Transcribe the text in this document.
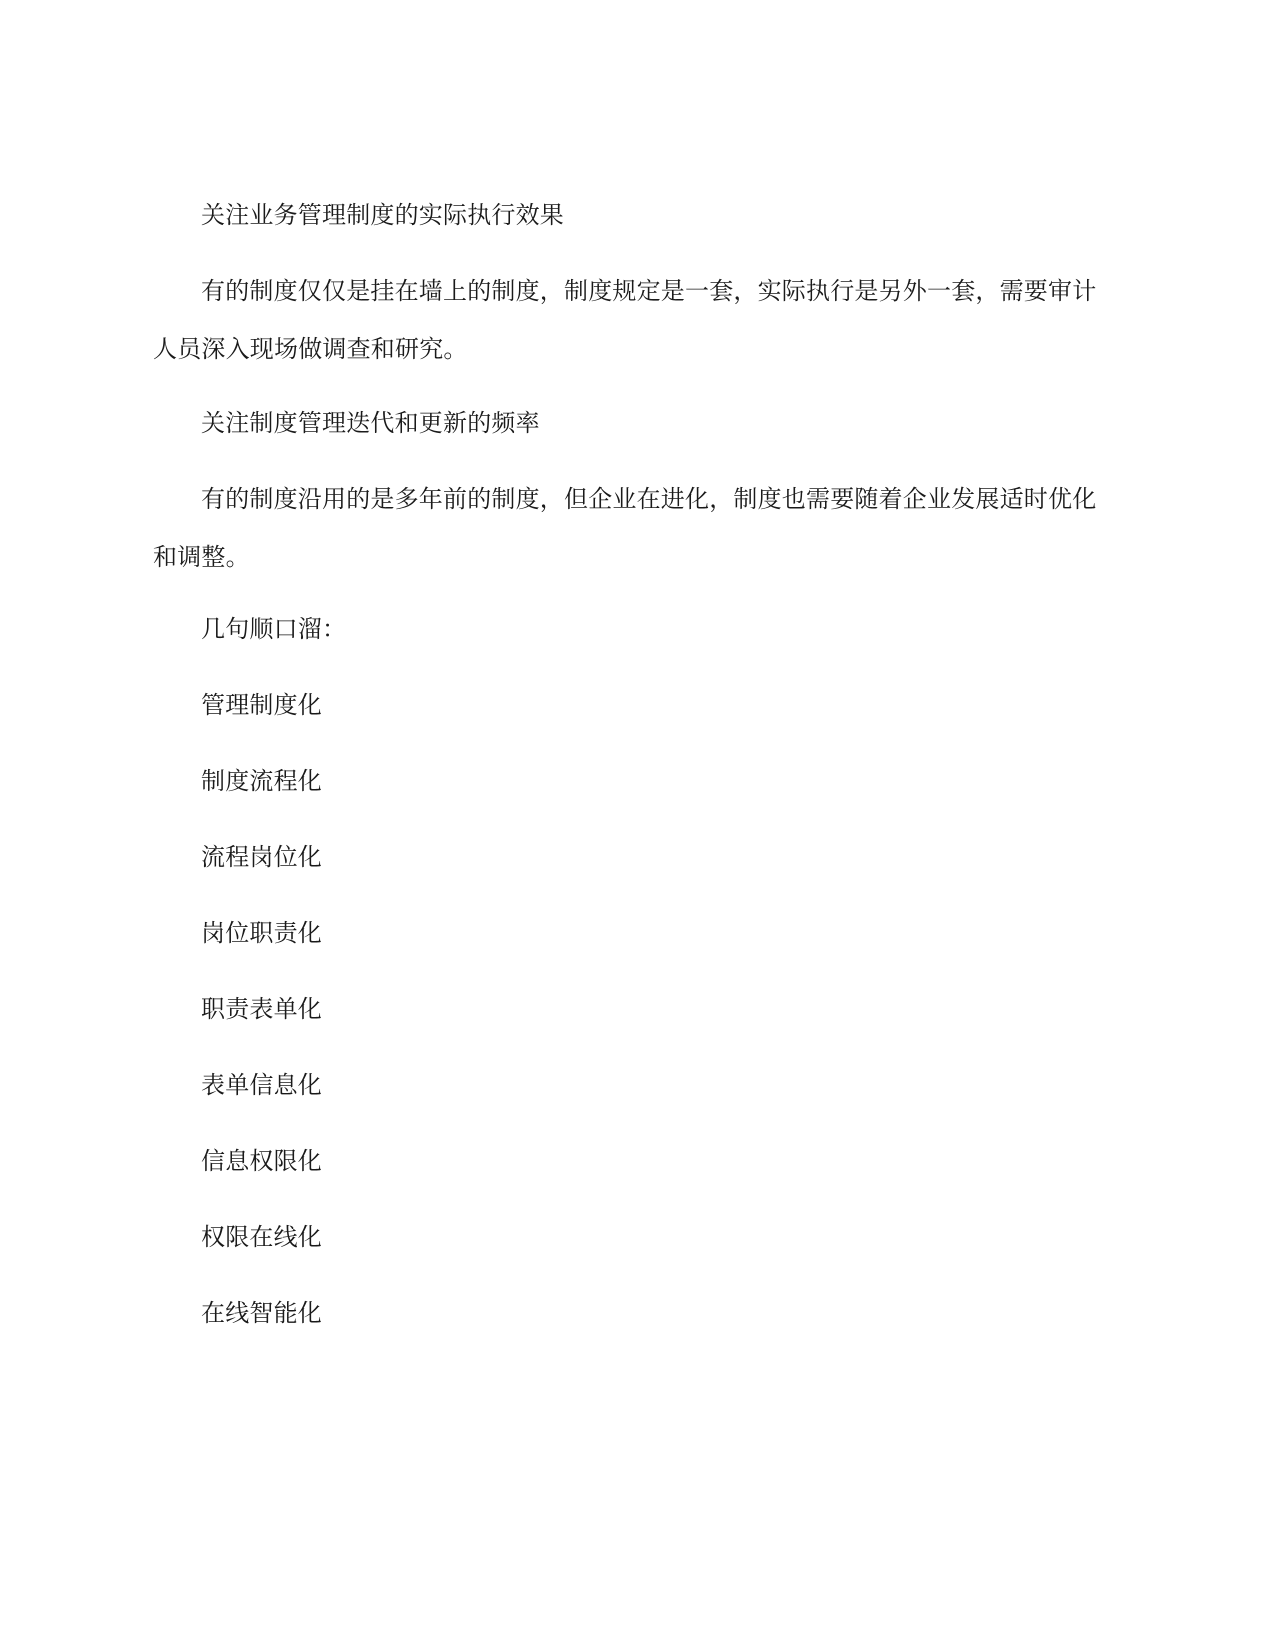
关注业务管理制度的实际执行效果

有的制度仅仅是挂在墙上的制度，制度规定是一套，实际执行是另外一套，需要审计人员深入现场做调查和研究。

关注制度管理迭代和更新的频率

有的制度沿用的是多年前的制度，但企业在进化，制度也需要随着企业发展适时优化和调整。

几句顺口溜：

管理制度化

制度流程化

流程岗位化

岗位职责化

职责表单化

表单信息化

信息权限化

权限在线化

在线智能化
